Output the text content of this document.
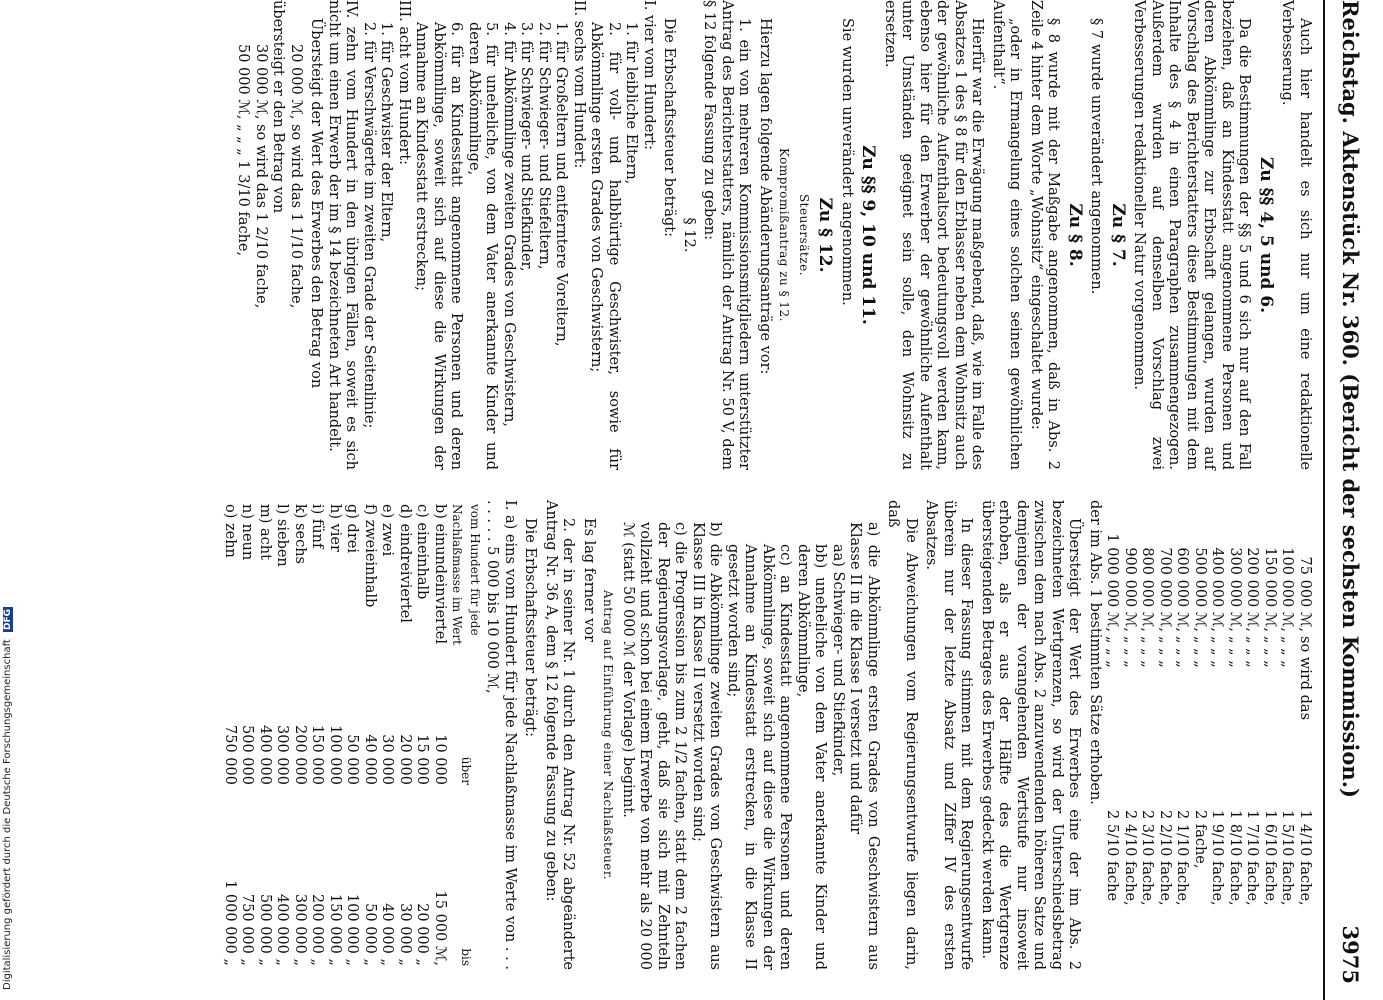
Digitalisierung gefördert durch die Deutsche Forschungsgemeinschaft DFG	Reichstag. Aktenstück Nr. 360. (Bericht der sechsten Kommission.)
3975

Auch hier handelt es sich nur um eine redaktionelle Verbesserung.

Zu §§ 4, 5 und 6.

Da die Bestimmungen der §§ 5 und 6 sich nur auf den Fall beziehen, daß an Kindesstatt angenommene Personen und deren Abkömmlinge zur Erbschaft gelangen, wurden auf Vorschlag des Berichterstatters diese Bestimmungen mit dem Inhalte des § 4 in einen Paragraphen zusammengezogen. Außerdem wurden auf denselben Vorschlag zwei Verbesserungen redaktioneller Natur vorgenommen.

Zu § 7.

§ 7 wurde unverändert angenommen.

Zu § 8.

§ 8 wurde mit der Maßgabe angenommen, daß in Abs. 2 Zeile 4 hinter dem Worte „Wohnsitz“ eingeschaltet wurde:

„oder in Ermangelung eines solchen seinen gewöhnlichen Aufenthalt“.

Hierfür war die Erwägung maßgebend, daß, wie im Falle des Absatzes 1 des § 8 für den Erblasser neben dem Wohnsitz auch der gewöhnliche Aufenthaltsort bedeutungsvoll werden kann, ebenso hier für den Erwerber der gewöhnliche Aufenthalt unter Umständen geeignet sein solle, den Wohnsitz zu ersetzen.

Zu §§ 9, 10 und 11.

Sie wurden unverändert angenommen.

Zu § 12.
Steuersätze.
Kompromißantrag zu § 12.

Hierzu lagen folgende Abänderungsanträge vor:

1. ein von mehreren Kommissionsmitgliedern unterstützter Antrag des Berichterstatters, nämlich der Antrag Nr. 50 V, dem § 12 folgende Fassung zu geben:

§ 12.

Die Erbschaftssteuer beträgt:

I. vier vom Hundert:
1. für leibliche Eltern,
2. für voll- und halbbürtige Geschwister, sowie für Abkömmlinge ersten Grades von Geschwistern;
II. sechs vom Hundert:
1. für Großeltern und entferntere Voreltern,
2. für Schwieger- und Stiefeltern,
3. für Schwieger- und Stiefkinder,
4. für Abkömmlinge zweiten Grades von Geschwistern,
5. für uneheliche, von dem Vater anerkannte Kinder und deren Abkömmlinge,
6. für an Kindesstatt angenommene Personen und deren Abkömmlinge, soweit sich auf diese die Wirkungen der Annahme an Kindesstatt erstrecken;
III. acht vom Hundert:
1. für Geschwister der Eltern,
2. für Verschwägerte im zweiten Grade der Seitenlinie;
IV. zehn vom Hundert in den übrigen Fällen, soweit es sich nicht um einen Erwerb der im § 14 bezeichneten Art handelt.

Übersteigt der Wert des Erwerbes den Betrag von

20 000 ℳ, so wird das 1 1/10 fache,
übersteigt er den Betrag von
30 000 ℳ, so wird das 1 2/10 fache,
50 000 ℳ, „ „ „ 1 3/10 fache,
75 000 ℳ,	so wird das	1 4/10 fache,
100 000 ℳ,	„ „ „	1 5/10 fache,
150 000 ℳ,	„ „ „	1 6/10 fache,
200 000 ℳ,	„ „ „	1 7/10 fache,
300 000 ℳ,	„ „ „	1 8/10 fache,
400 000 ℳ,	„ „ „	1 9/10 fache,
500 000 ℳ,	„ „ „	2 fache,
600 000 ℳ,	„ „ „	2 1/10 fache,
700 000 ℳ,	„ „ „	2 2/10 fache,
800 000 ℳ,	„ „ „	2 3/10 fache,
900 000 ℳ,	„ „ „	2 4/10 fache,
1 000 000 ℳ,	„ „ „	2 5/10 fache

der im Abs. 1 bestimmten Sätze erhoben.

Übersteigt der Wert des Erwerbes eine der im Abs. 2 bezeichneten Wertgrenzen, so wird der Unterschiedsbetrag zwischen dem nach Abs. 2 anzuwendenden höheren Satze und demjenigen der vorangehenden Wertstufe nur insoweit erhoben, als er aus der Hälfte des die Wertgrenze übersteigenden Betrages des Erwerbes gedeckt werden kann.

In dieser Fassung stimmen mit dem Regierungsentwurfe überein nur der letzte Absatz und Ziffer IV des ersten Absatzes.

Die Abweichungen vom Regierungsentwurfe liegen darin, daß

a) die Abkömmlinge ersten Grades von Geschwistern aus Klasse II in die Klasse I versetzt und dafür
aa) Schwieger- und Stiefkinder,
bb) uneheliche von dem Vater anerkannte Kinder und deren Abkömmlinge,
cc) an Kindesstatt angenommene Personen und deren Abkömmlinge, soweit sich auf diese die Wirkungen der Annahme an Kindesstatt erstrecken, in die Klasse II gesetzt worden sind;
b) die Abkömmlinge zweiten Grades von Geschwistern aus Klasse III in Klasse II versetzt worden sind;
c) die Progression bis zum 2 1/2 fachen, statt dem 2 fachen der Regierungsvorlage, geht, daß sie sich mit Zehnteln vollzieht und schon bei einem Erwerbe von mehr als 20 000 ℳ (statt 50 000 ℳ der Vorlage) beginnt.
Antrag auf Einführung einer Nachlaßsteuer.

Es lag ferner vor

2. der in seiner Nr. 1 durch den Antrag Nr. 52 abgeänderte Antrag Nr. 36 A, dem § 12 folgende Fassung zu geben:

Die Erbschaftssteuer beträgt:

I. a) eins vom Hundert für jede Nachlaßmasse im Werte von . . . . . . . . 5 000 bis 10 000 ℳ,
vom Hundert für jede Nachlaßmasse im Wert	über	bis
b) einundeinviertel	10 000	15 000 ℳ,
c) eineinhalb	15 000	20 000 „
d) eindreiviertel	20 000	30 000 „
e) zwei	30 000	40 000 „
f) zweieinhalb	40 000	50 000 „
g) drei	50 000	100 000 „
h) vier	100 000	150 000 „
i) fünf	150 000	200 000 „
k) sechs	200 000	300 000 „
l) sieben	300 000	400 000 „
m) acht	400 000	500 000 „
n) neun	500 000	750 000 „
o) zehn	750 000	1 000 000 „
